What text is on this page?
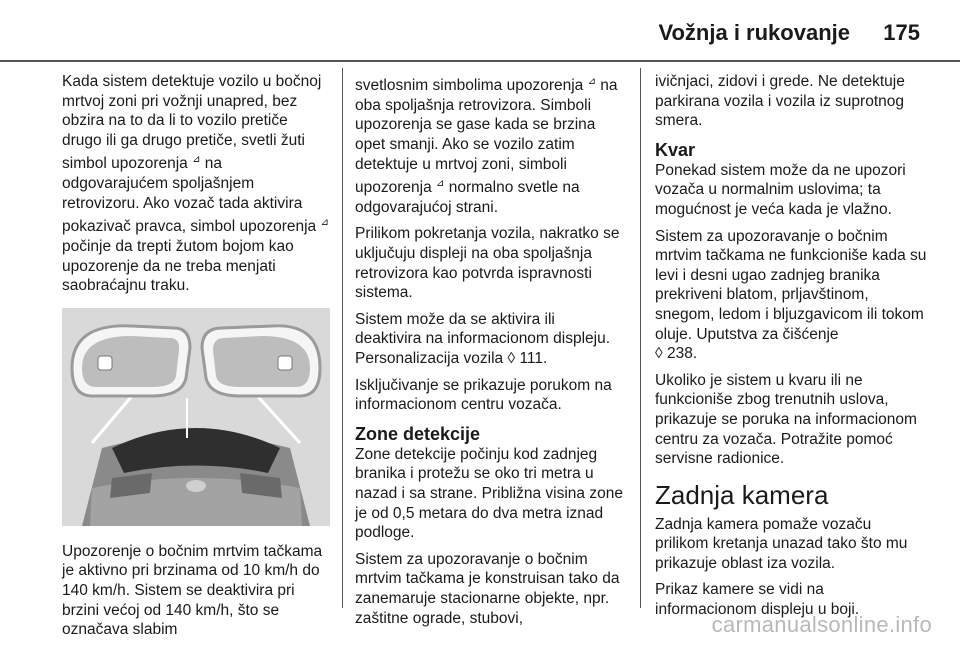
Vožnja i rukovanje	175

Kada sistem detektuje vozilo u bočnoj mrtvoj zoni pri vožnji unapred, bez obzira na to da li to vozilo pretiče drugo ili ga drugo pretiče, svetli žuti simbol upozorenja ⊿ na odgovarajućem spoljašnjem retrovizoru. Ako vozač tada aktivira pokazivač pravca, simbol upozorenja ⊿ počinje da trepti žutom bojom kao upozorenje da ne treba menjati saobraćajnu traku.

Upozorenje o bočnim mrtvim tačkama je aktivno pri brzinama od 10 km/h do 140 km/h. Sistem se deaktivira pri brzini većoj od 140 km/h, što se označava slabim

svetlosnim simbolima upozorenja ⊿ na oba spoljašnja retrovizora. Simboli upozorenja se gase kada se brzina opet smanji. Ako se vozilo zatim detektuje u mrtvoj zoni, simboli upozorenja ⊿ normalno svetle na odgovarajućoj strani.

Prilikom pokretanja vozila, nakratko se uključuju displeji na oba spoljašnja retrovizora kao potvrda ispravnosti sistema.

Sistem može da se aktivira ili deaktivira na informacionom displeju. Personalizacija vozila ◊ 111.

Isključivanje se prikazuje porukom na informacionom centru vozača.

Zone detekcije

Zone detekcije počinju kod zadnjeg branika i protežu se oko tri metra u nazad i sa strane. Približna visina zone je od 0,5 metara do dva metra iznad podloge.

Sistem za upozoravanje o bočnim mrtvim tačkama je konstruisan tako da zanemaruje stacionarne objekte, npr. zaštitne ograde, stubovi,

ivičnjaci, zidovi i grede. Ne detektuje parkirana vozila i vozila iz suprotnog smera.

Kvar

Ponekad sistem može da ne upozori vozača u normalnim uslovima; ta mogućnost je veća kada je vlažno.

Sistem za upozoravanje o bočnim mrtvim tačkama ne funkcioniše kada su levi i desni ugao zadnjeg branika prekriveni blatom, prljavštinom, snegom, ledom i bljuzgavicom ili tokom oluje. Uputstva za čišćenje
◊ 238.

Ukoliko je sistem u kvaru ili ne funkcioniše zbog trenutnih uslova, prikazuje se poruka na informacionom centru za vozača. Potražite pomoć servisne radionice.

Zadnja kamera

Zadnja kamera pomaže vozaču prilikom kretanja unazad tako što mu prikazuje oblast iza vozila.

Prikaz kamere se vidi na informacionom displeju u boji.

carmanualsonline.info
